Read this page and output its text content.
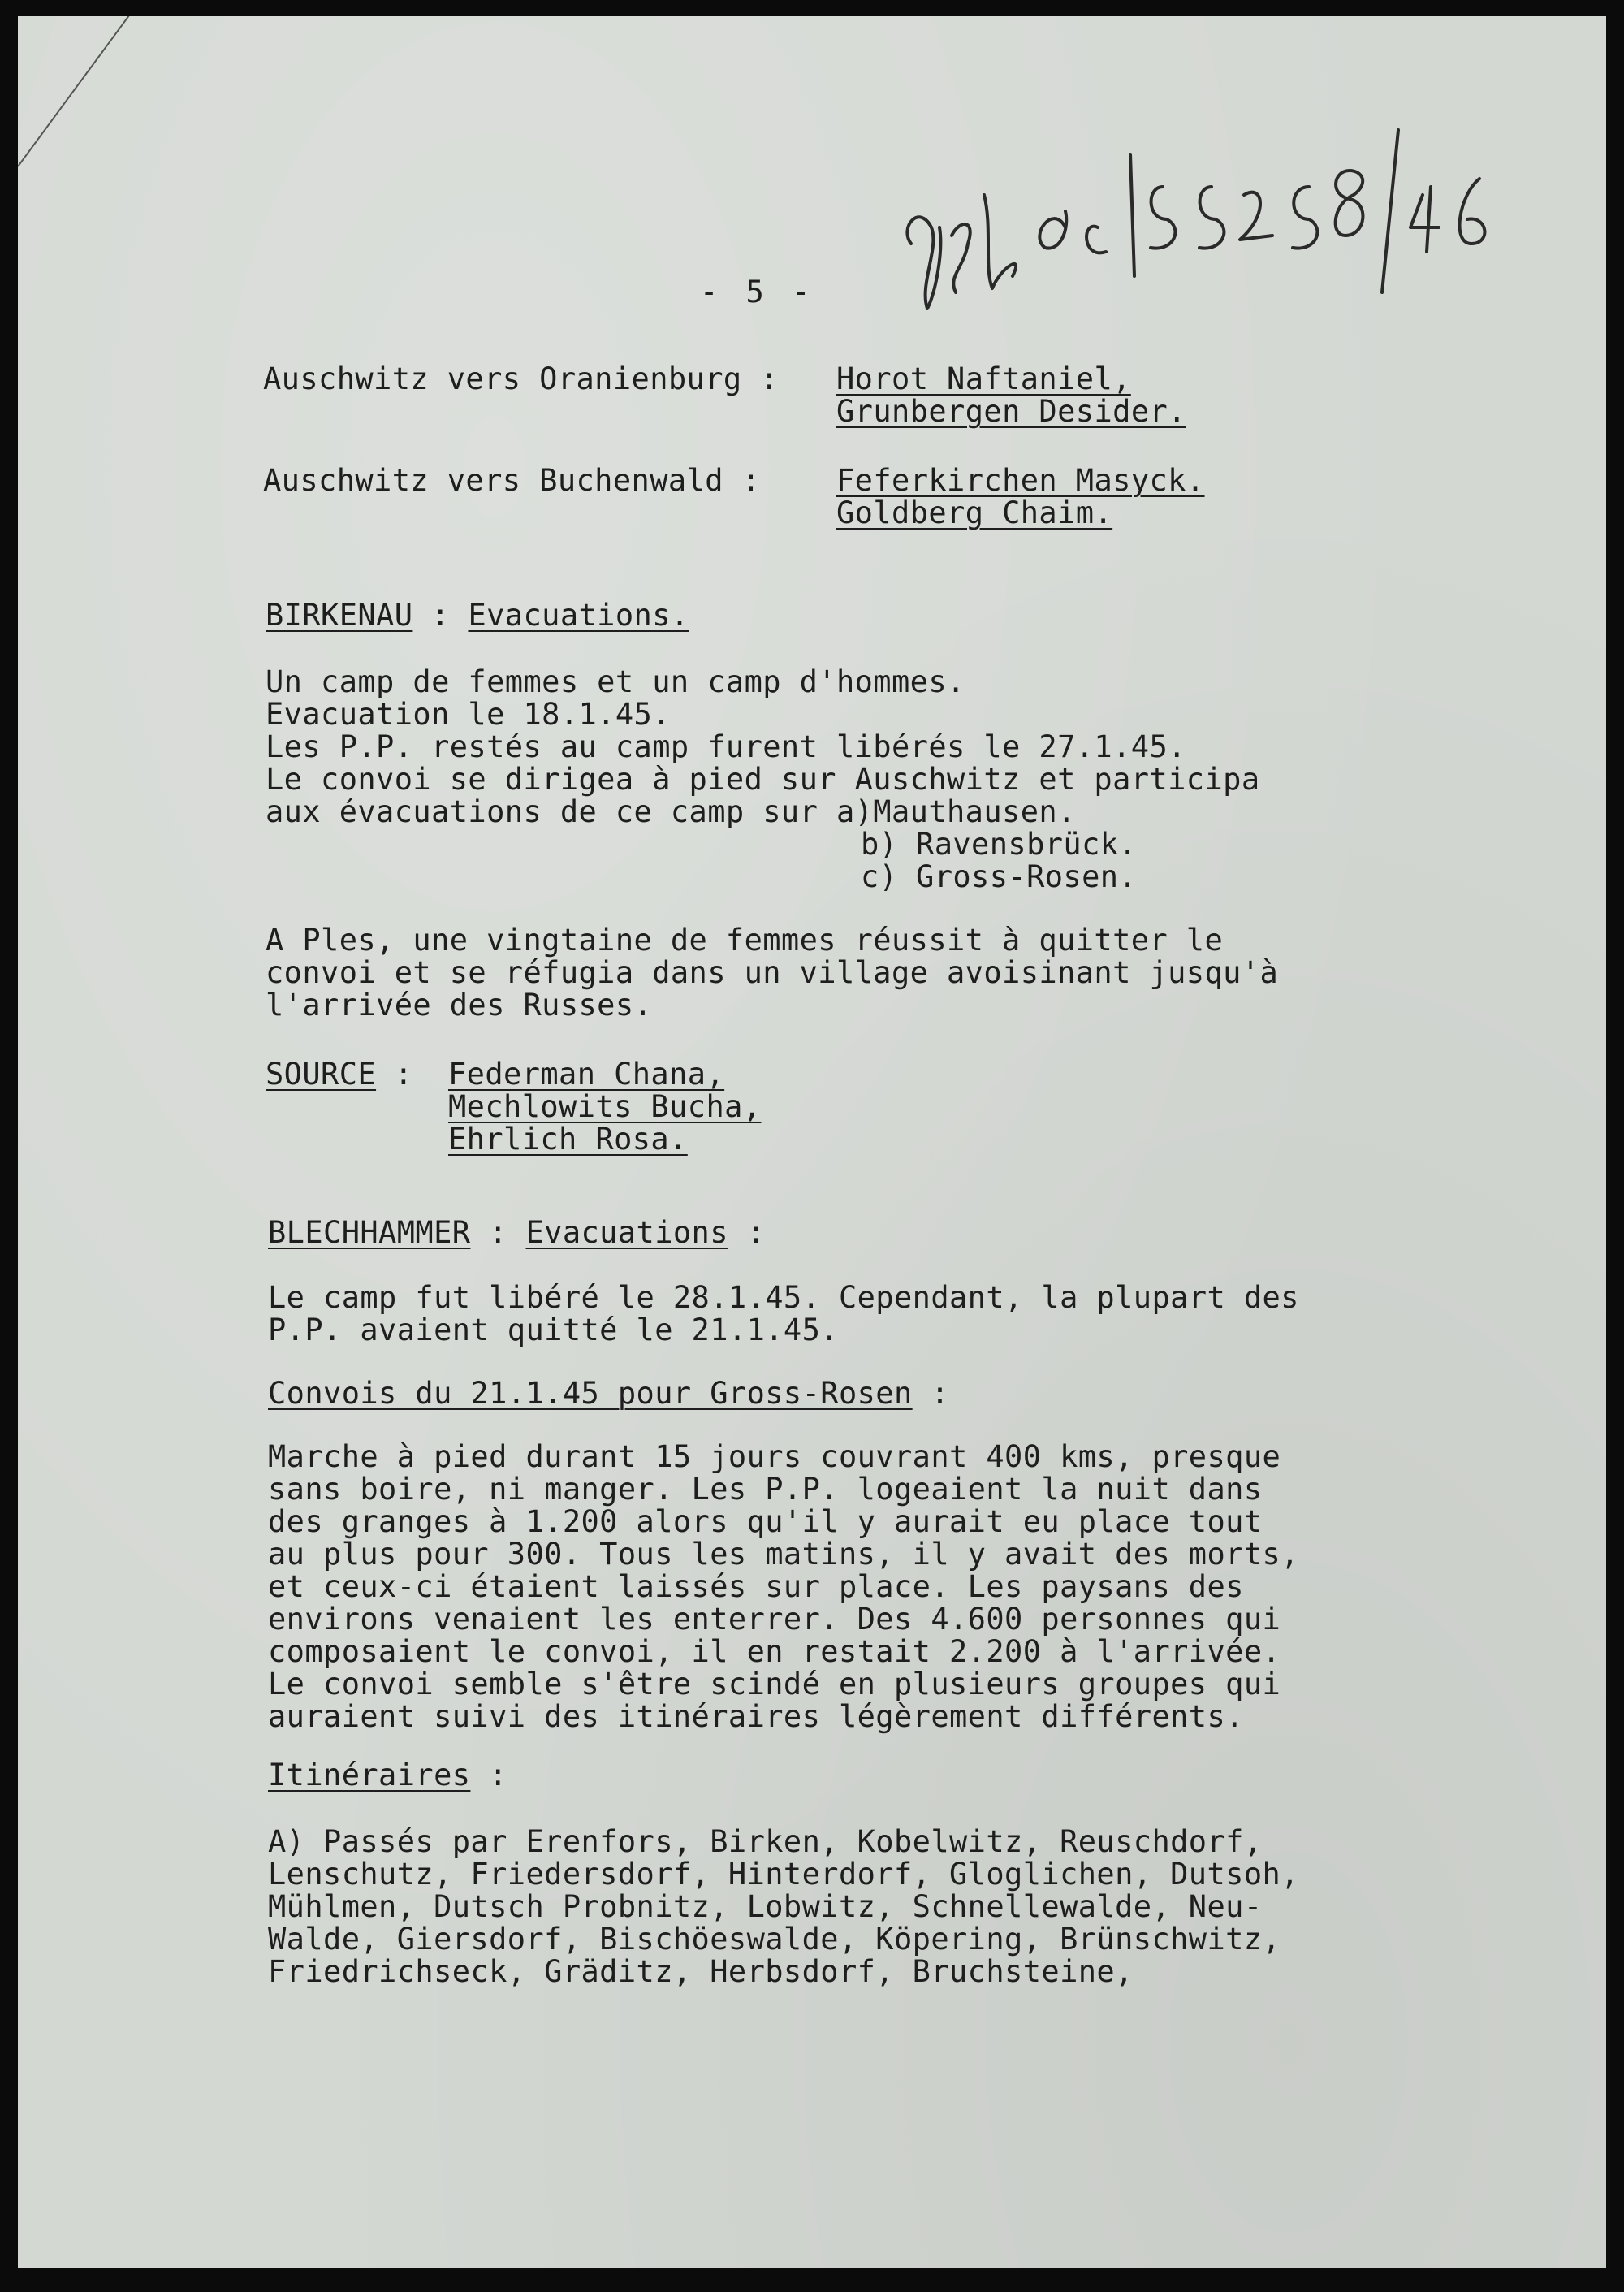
- 5 -
Auschwitz vers Oranienburg : Horot Naftaniel,
Grunbergen Desider.
Auschwitz vers Buchenwald :	Feferkirchen Masyck.
Goldberg Chaim.
BIRKENAU : Evacuations.
Un camp de femmes et un camp d'hommes.
Evacuation le 18.1.45.
Les P.P. restés au camp furent libérés le 27.1.45.
Le convoi se dirigea à pied sur Auschwitz et participa
aux évacuations de ce camp sur a)Mauthausen.
b) Ravensbrück.
c) Gross-Rosen.
A Ples, une vingtaine de femmes réussit à quitter le
convoi et se réfugia dans un village avoisinant jusqu'à
l'arrivée des Russes.
SOURCE : Federman Chana,
Mechlowits Bucha,
Ehrlich Rosa.
BLECHHAMMER : Evacuations :
Le camp fut libéré le 28.1.45. Cependant, la plupart des
P.P. avaient quitté le 21.1.45.
Convois du 21.1.45 pour Gross-Rosen :
Marche à pied durant 15 jours couvrant 400 kms, presque
sans boire, ni manger. Les P.P. logeaient la nuit dans
des granges à 1.200 alors qu'il y aurait eu place tout
au plus pour 300. Tous les matins, il y avait des morts,
et ceux-ci étaient laissés sur place. Les paysans des
environs venaient les enterrer. Des 4.600 personnes qui
composaient le convoi, il en restait 2.200 à l'arrivée.
Le convoi semble s'être scindé en plusieurs groupes qui
auraient suivi des itinéraires légèrement différents.
Itinéraires :
A) Passés par Erenfors, Birken, Kobelwitz, Reuschdorf,
Lenschutz, Friedersdorf, Hinterdorf, Gloglichen, Dutsoh,
Mühlmen, Dutsch Probnitz, Lobwitz, Schnellewalde, Neu-
Walde, Giersdorf, Bischöeswalde, Köpering, Brünschwitz,
Friedrichseck, Gräditz, Herbsdorf, Bruchsteine,
